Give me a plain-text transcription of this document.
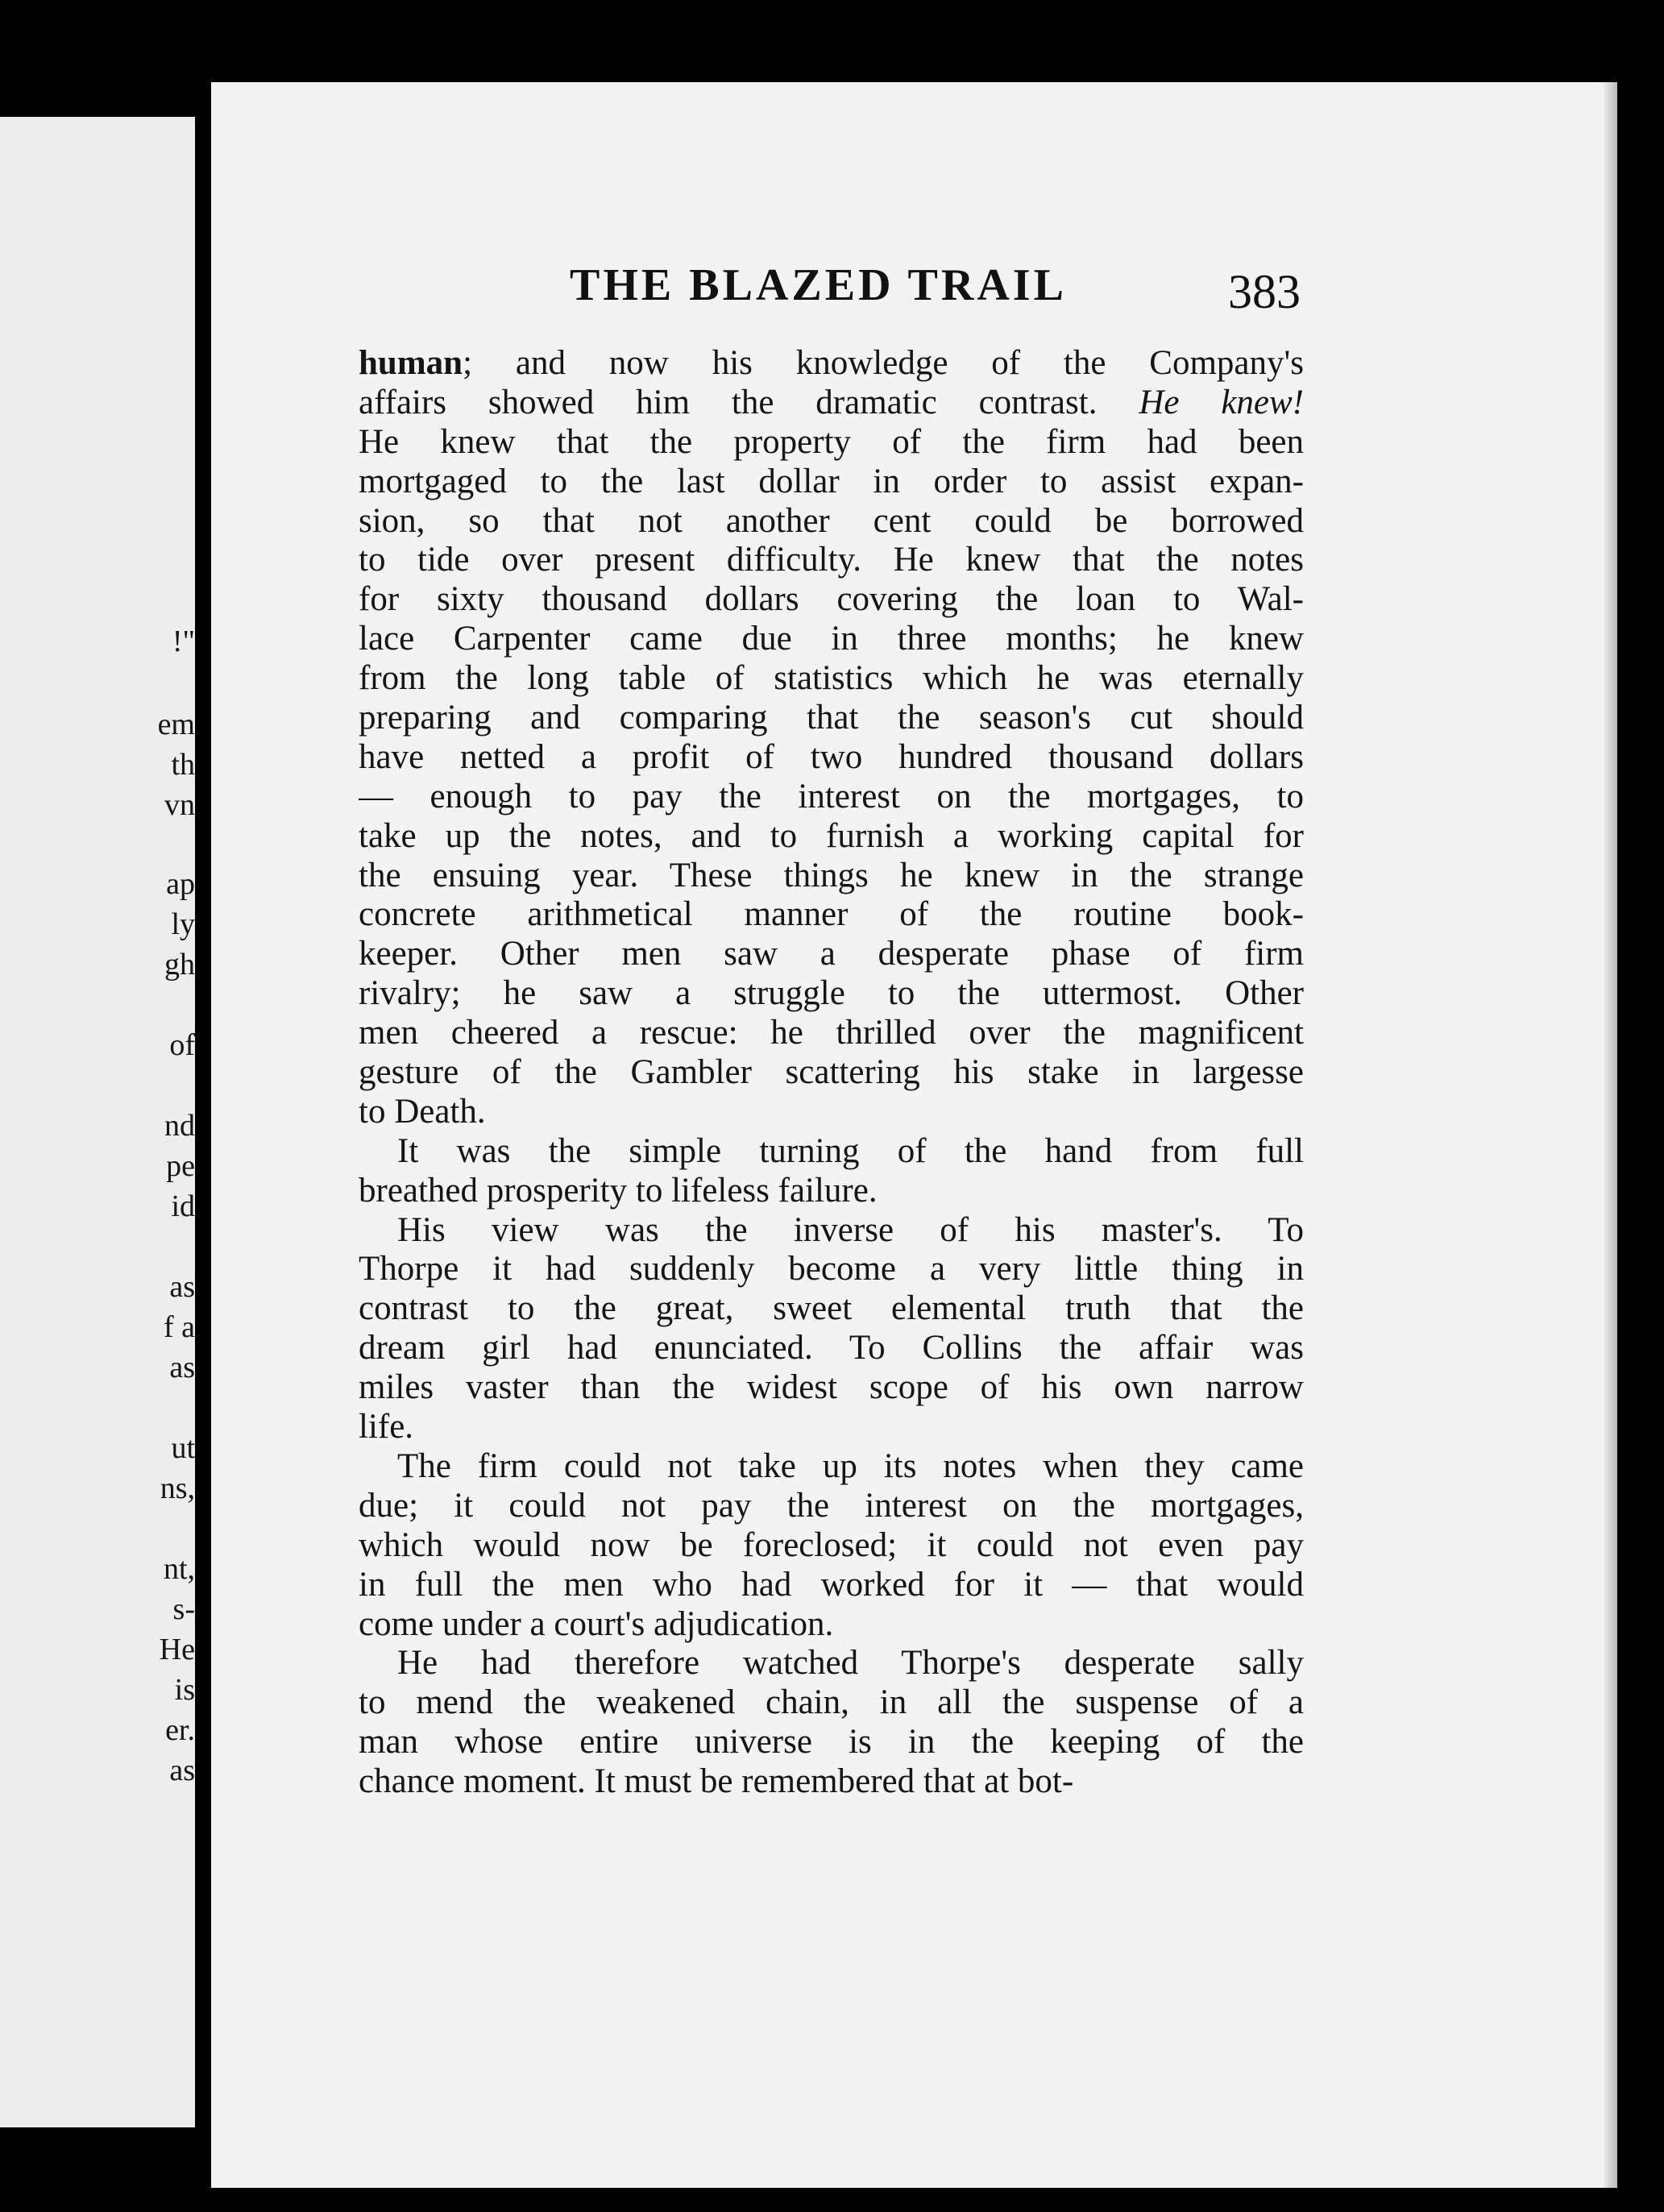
!"
em
th
vn
ap
ly
gh
of
nd
pe
id
as
f a
as
ut
ns,
nt,
s-
He
is
er.
as
THE BLAZED TRAIL	383
human; and now his knowledge of the Company's
affairs showed him the dramatic contrast. He knew!
He knew that the property of the firm had been
mortgaged to the last dollar in order to assist expan-
sion, so that not another cent could be borrowed
to tide over present difficulty. He knew that the notes
for sixty thousand dollars covering the loan to Wal-
lace Carpenter came due in three months; he knew
from the long table of statistics which he was eternally
preparing and comparing that the season's cut should
have netted a profit of two hundred thousand dollars
— enough to pay the interest on the mortgages, to
take up the notes, and to furnish a working capital for
the ensuing year. These things he knew in the strange
concrete arithmetical manner of the routine book-
keeper. Other men saw a desperate phase of firm
rivalry; he saw a struggle to the uttermost. Other
men cheered a rescue: he thrilled over the magnificent
gesture of the Gambler scattering his stake in largesse
to Death.
It was the simple turning of the hand from full
breathed prosperity to lifeless failure.
His view was the inverse of his master's. To
Thorpe it had suddenly become a very little thing in
contrast to the great, sweet elemental truth that the
dream girl had enunciated. To Collins the affair was
miles vaster than the widest scope of his own narrow
life.
The firm could not take up its notes when they came
due; it could not pay the interest on the mortgages,
which would now be foreclosed; it could not even pay
in full the men who had worked for it — that would
come under a court's adjudication.
He had therefore watched Thorpe's desperate sally
to mend the weakened chain, in all the suspense of a
man whose entire universe is in the keeping of the
chance moment. It must be remembered that at bot-
